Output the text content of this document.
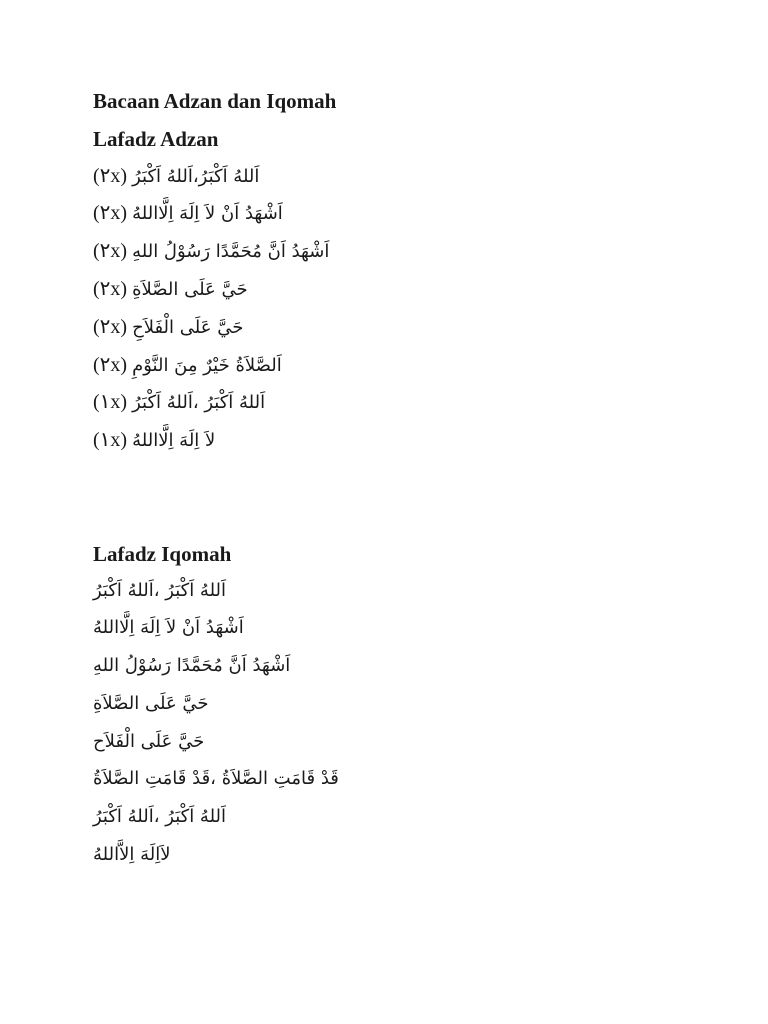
Bacaan Adzan dan Iqomah
Lafadz Adzan
(٢x) اَللهُ اَكْبَرُ،اَللهُ اَكْبَرُ
(٢x) اَشْهَدُ اَنْ لاَ اِلَهَ اِلَّااللهُ
(٢x) اَشْهَدُ اَنَّ مُحَمَّدًا رَسُوْلُ اللهِ
(٢x) حَيَّ عَلَى الصَّلاَةِ
(٢x) حَيَّ عَلَى الْفَلاَحِ
(٢x) اَلصَّلاَةُ خَيْرٌ مِنَ النَّوْمِ
(١x) اَللهُ اَكْبَرُ ،اَللهُ اَكْبَرُ
(١x) لاَ اِلَهَ اِلَّااللهُ
Lafadz Iqomah
اَللهُ اَكْبَرُ ،اَللهُ اَكْبَرُ
اَشْهَدُ اَنْ لاَ اِلَهَ اِلَّااللهُ
اَشْهَدُ اَنَّ مُحَمَّدًا رَسُوْلُ اللهِ
حَيَّ عَلَى الصَّلاَةِ
حَيَّ عَلَى الْفَلاَح
قَدْ قَامَتِ الصَّلاَةُ ،قَدْ قَامَتِ الصَّلاَةُ
اَللهُ اَكْبَرُ ،اَللهُ اَكْبَرُ
لاَاِلَهَ اِلاَّاللهُ
